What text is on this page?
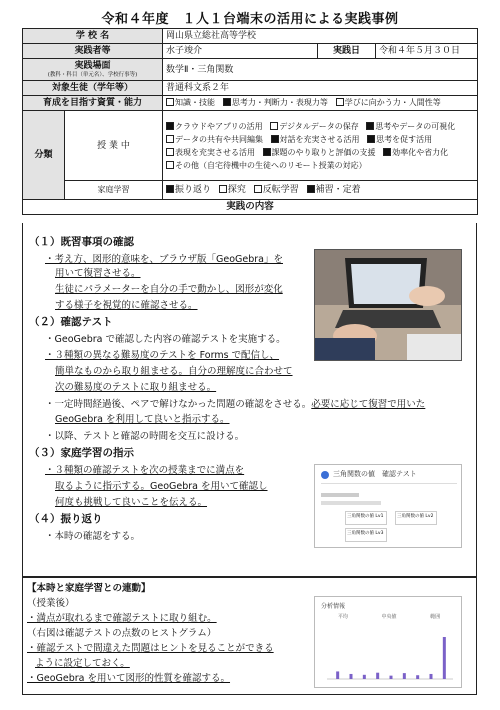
令和４年度　１人１台端末の活用による実践事例
学 校 名		岡山県立総社高等学校		
実践者等		水子竣介	実践日	令和４年５月３０日
実践場面
(教科・科目（単元名）、学校行事等)		数学Ⅱ・三角関数		
対象生徒（学年等）		普通科文系２年		
育成を目指す資質・能力		知識・技能 思考力・判断力・表現力等 学びに向かう力・人間性等		
分類	授 業 中	クラウドやアプリの活用 デジタルデータの保存 思考やデータの可視化
データの共有や共同編集 対話を充実させる活用 思考を促す活用
表現を充実させる活用 課題のやり取りと評価の支援 効率化や省力化
その他（自宅待機中の生徒へのリモート授業の対応）		

	家庭学習	振り返り 探究 反転学習 補習・定着		
実践の内容				
（１）既習事項の確認
・考え方、図形的意味を、ブラウザ版「GeoGebra」を
用いて復習させる。
生徒にパラメーターを自分の手で動かし、図形が変化
する様子を視覚的に確認させる。
（２）確認テスト
・GeoGebra で確認した内容の確認テストを実施する。
・３種類の異なる難易度のテストを Forms で配信し、
簡単なものから取り組ませる。自分の理解度に合わせて
次の難易度のテストに取り組ませる。
・一定時間経過後、ペアで解けなかった問題の確認をさせる。必要に応じて復習で用いた
GeoGebra を利用して良いと指示する。
・以降、テストと確認の時間を交互に設ける。
（３）家庭学習の指示
・３種類の確認テストを次の授業までに満点を
取るように指示する。GeoGebra を用いて確認し
何度も挑戦して良いことを伝える。
（４）振り返り
・本時の確認をする。
三角関数の値　確認テスト
三角関数の値 Lv1	三角関数の値 Lv2
三角関数の値 Lv3
【本時と家庭学習との連動】
（授業後）
・満点が取れるまで確認テストに取り組む。
（右図は確認テストの点数のヒストグラム）
・確認テストで間違えた問題はヒントを見ることができる
ように設定しておく。
・GeoGebra を用いて図形的性質を確認する。
分析情報
平均	中央値	範囲
